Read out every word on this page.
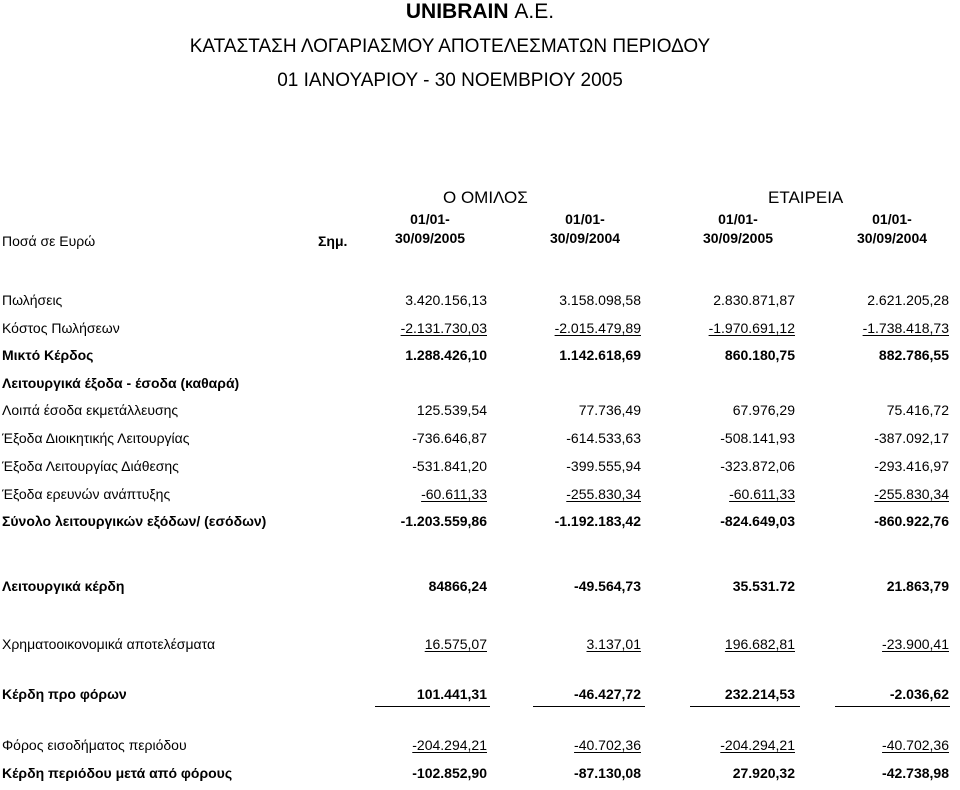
UNIBRAIN Α.Ε.
ΚΑΤΑΣΤΑΣΗ ΛΟΓΑΡΙΑΣΜΟΥ ΑΠΟΤΕΛΕΣΜΑΤΩΝ ΠΕΡΙΟΔΟΥ
01 ΙΑΝΟΥΑΡΙΟΥ - 30 ΝΟΕΜΒΡΙΟΥ 2005
Ο ΟΜΙΛΟΣ	ΕΤΑΙΡΕΙΑ
Ποσά σε Ευρώ	Σημ.
01/01-
30/09/2005
01/01-
30/09/2004
01/01-
30/09/2005
01/01-
30/09/2004
Πωλήσεις	3.420.156,13	3.158.098,58	2.830.871,87	2.621.205,28
Κόστος Πωλήσεων	-2.131.730,03	-2.015.479,89	-1.970.691,12	-1.738.418,73
Μικτό Κέρδος	1.288.426,10	1.142.618,69	860.180,75	882.786,55
Λειτουργικά έξοδα - έσοδα (καθαρά)
Λοιπά έσοδα εκμετάλλευσης	125.539,54	77.736,49	67.976,29	75.416,72
Έξοδα Διοικητικής Λειτουργίας	-736.646,87	-614.533,63	-508.141,93	-387.092,17
Έξοδα Λειτουργίας Διάθεσης	-531.841,20	-399.555,94	-323.872,06	-293.416,97
Έξοδα ερευνών ανάπτυξης	-60.611,33	-255.830,34	-60.611,33	-255.830,34
Σύνολο λειτουργικών εξόδων/ (εσόδων)	-1.203.559,86	-1.192.183,42	-824.649,03	-860.922,76
Λειτουργικά κέρδη	84866,24	-49.564,73	35.531.72	21.863,79
Χρηματοοικονομικά αποτελέσματα	16.575,07	3.137,01	196.682,81	-23.900,41
Κέρδη προ φόρων	101.441,31	-46.427,72	232.214,53	-2.036,62
Φόρος εισοδήματος περιόδου	-204.294,21	-40.702,36	-204.294,21	-40.702,36
Κέρδη περιόδου μετά από φόρους	-102.852,90	-87.130,08	27.920,32	-42.738,98
